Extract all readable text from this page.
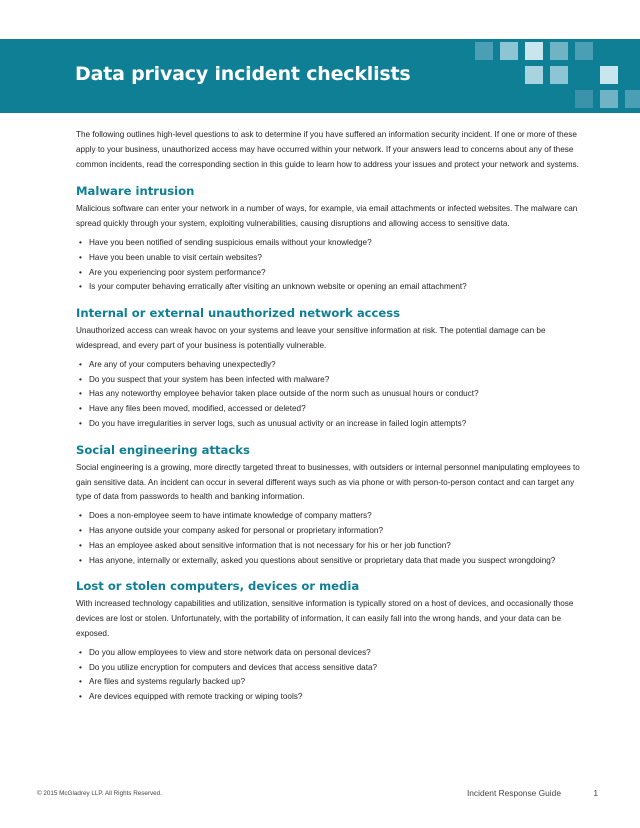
Data privacy incident checklists

The following outlines high-level questions to ask to determine if you have suffered an information security incident. If one or more of these apply to your business, unauthorized access may have occurred within your network. If your answers lead to concerns about any of these common incidents, read the corresponding section in this guide to learn how to address your issues and protect your network and systems.

Malware intrusion

Malicious software can enter your network in a number of ways, for example, via email attachments or infected websites. The malware can spread quickly through your system, exploiting vulnerabilities, causing disruptions and allowing access to sensitive data.

• Have you been notified of sending suspicious emails without your knowledge?
• Have you been unable to visit certain websites?
• Are you experiencing poor system performance?
• Is your computer behaving erratically after visiting an unknown website or opening an email attachment?
Internal or external unauthorized network access

Unauthorized access can wreak havoc on your systems and leave your sensitive information at risk. The potential damage can be widespread, and every part of your business is potentially vulnerable.

• Are any of your computers behaving unexpectedly?
• Do you suspect that your system has been infected with malware?
• Has any noteworthy employee behavior taken place outside of the norm such as unusual hours or conduct?
• Have any files been moved, modified, accessed or deleted?
• Do you have irregularities in server logs, such as unusual activity or an increase in failed login attempts?
Social engineering attacks

Social engineering is a growing, more directly targeted threat to businesses, with outsiders or internal personnel manipulating employees to gain sensitive data. An incident can occur in several different ways such as via phone or with person-to-person contact and can target any type of data from passwords to health and banking information.

• Does a non-employee seem to have intimate knowledge of company matters?
• Has anyone outside your company asked for personal or proprietary information?
• Has an employee asked about sensitive information that is not necessary for his or her job function?
• Has anyone, internally or externally, asked you questions about sensitive or proprietary data that made you suspect wrongdoing?
Lost or stolen computers, devices or media

With increased technology capabilities and utilization, sensitive information is typically stored on a host of devices, and occasionally those devices are lost or stolen. Unfortunately, with the portability of information, it can easily fall into the wrong hands, and your data can be exposed.

• Do you allow employees to view and store network data on personal devices?
• Do you utilize encryption for computers and devices that access sensitive data?
• Are files and systems regularly backed up?
• Are devices equipped with remote tracking or wiping tools?
© 2015 McGladrey LLP. All Rights Reserved.	Incident Response Guide	1
